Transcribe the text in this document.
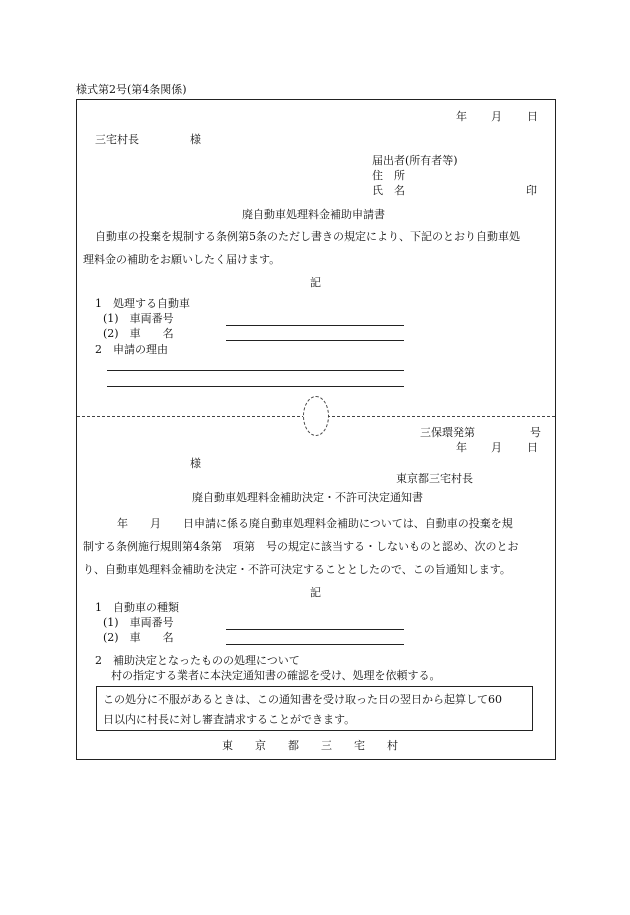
様式第2号(第4条関係)
年 月 日
三宅村長	様
届出者(所有者等)
住　所
氏　名	印
廃自動車処理料金補助申請書
自動車の投棄を規制する条例第5条のただし書きの規定により、下記のとおり自動車処
理料金の補助をお願いしたく届けます。
記
1　処理する自動車
(1)　車両番号
(2)　車　　名
2　申請の理由
三保環発第　　　　　号
年 月 日
様
東京都三宅村長
廃自動車処理料金補助決定・不許可決定通知書
　　年　　月　　日申請に係る廃自動車処理料金補助については、自動車の投棄を規
制する条例施行規則第4条第　項第　号の規定に該当する・しないものと認め、次のとお
り、自動車処理料金補助を決定・不許可決定することとしたので、この旨通知します。
記
1　自動車の種類
(1)　車両番号
(2)　車　　名
2　補助決定となったものの処理について
村の指定する業者に本決定通知書の確認を受け、処理を依頼する。
この処分に不服があるときは、この通知書を受け取った日の翌日から起算して60
日以内に村長に対し審査請求することができます。
東　　京　　都　　三　　宅　　村
